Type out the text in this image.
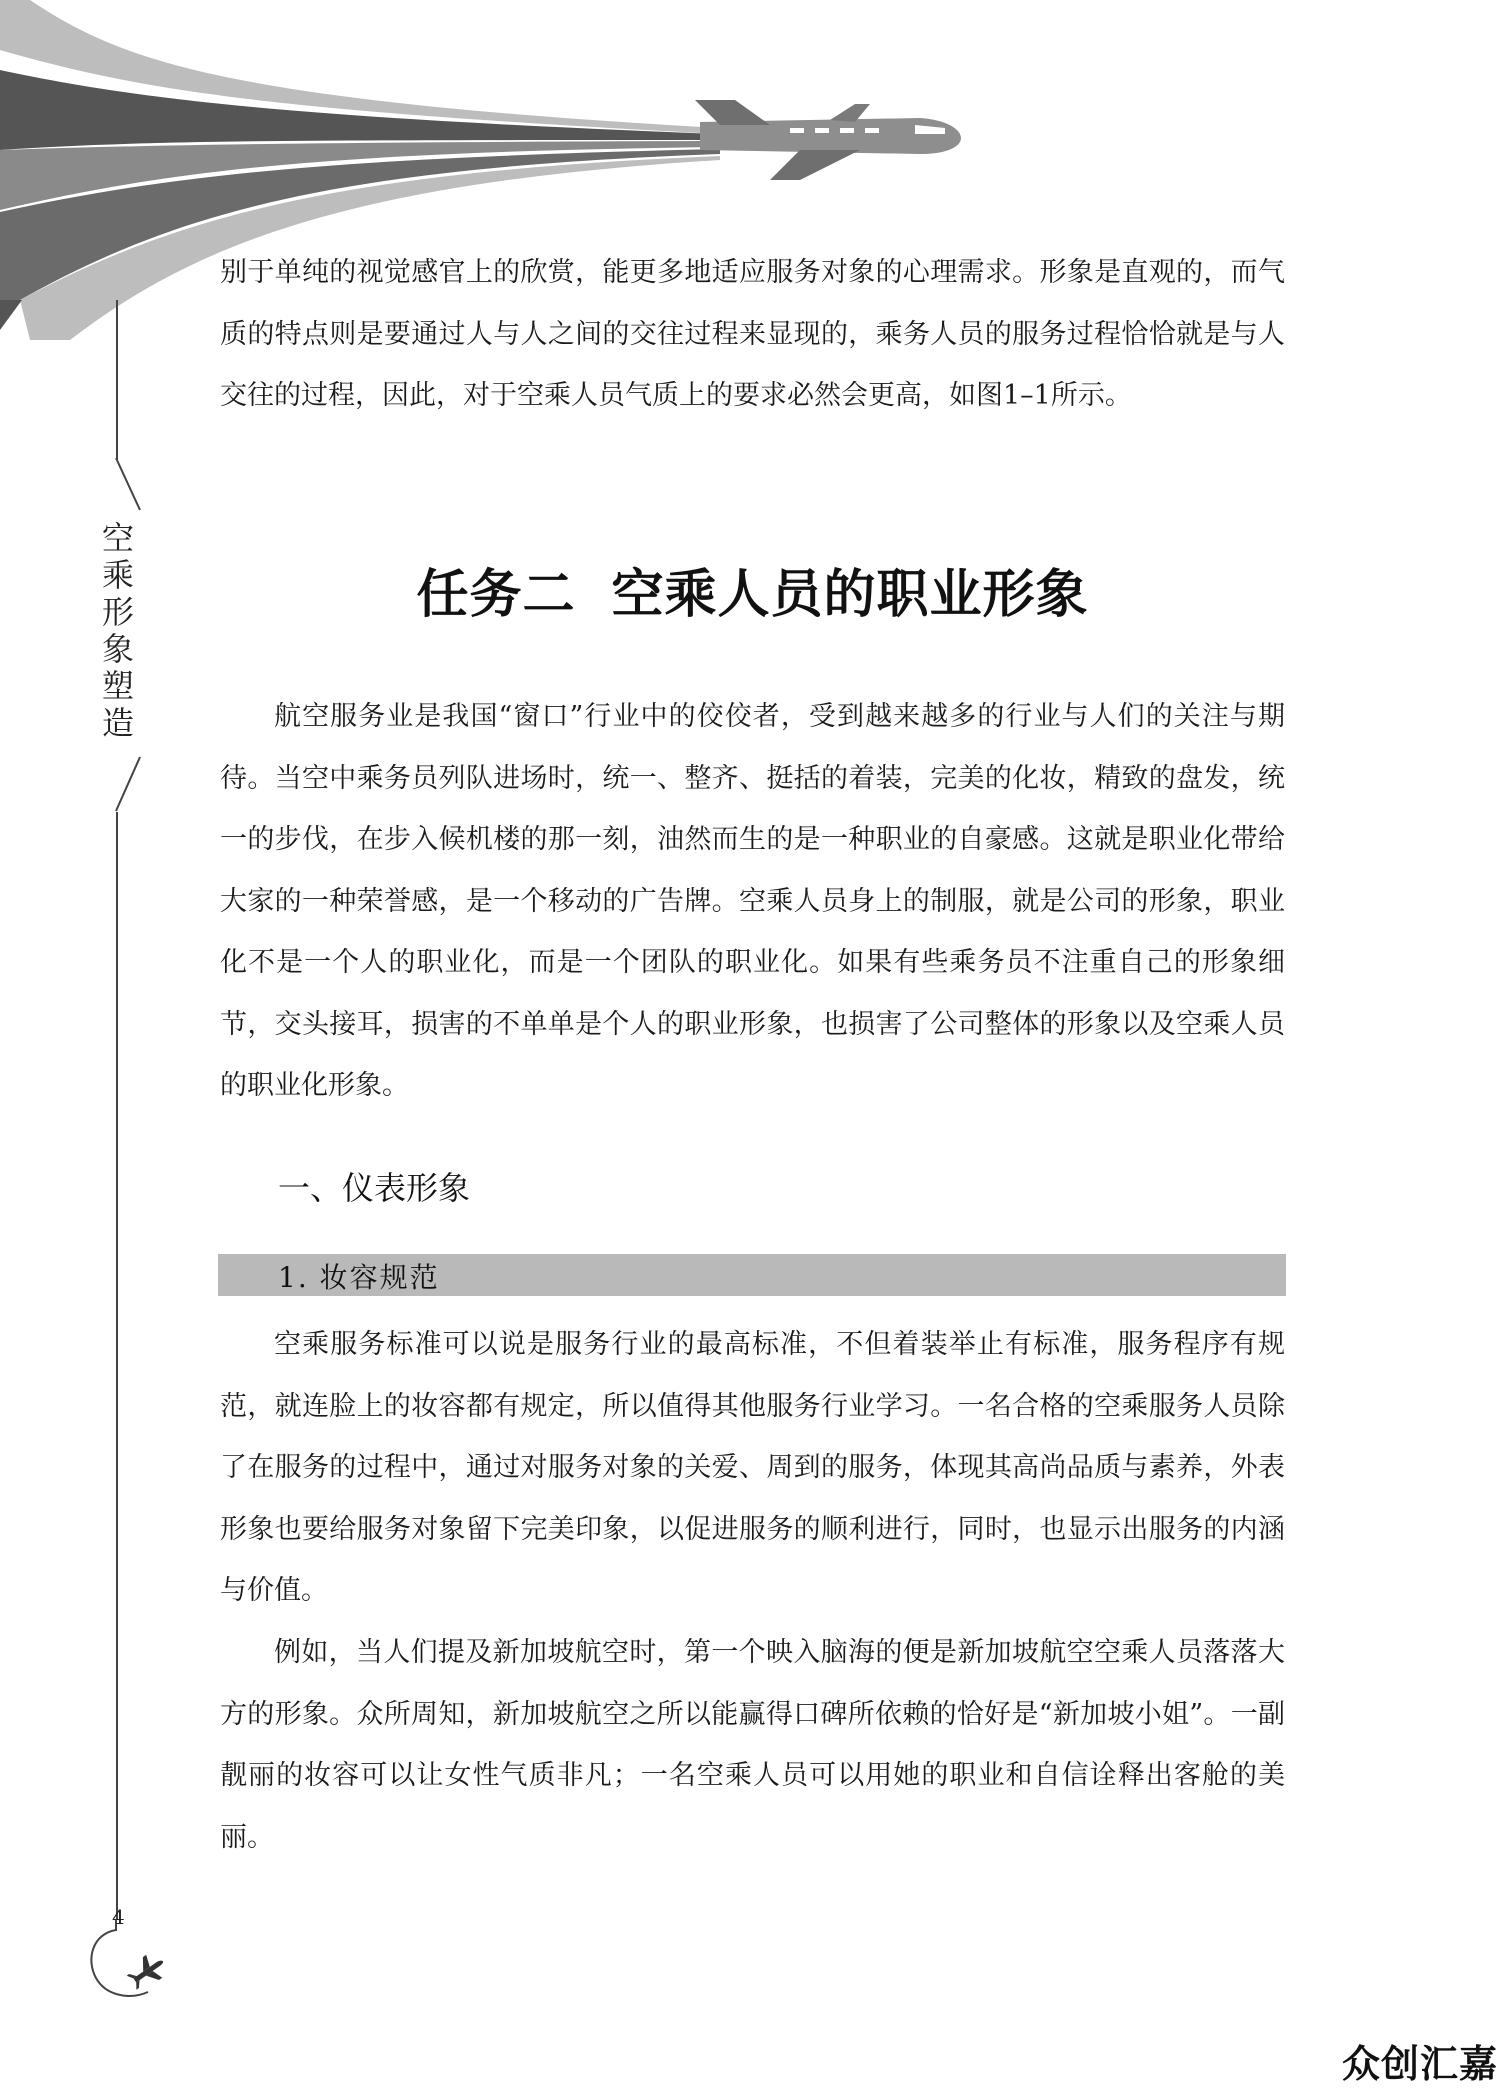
空
乘
形
象
塑
造

别于单纯的视觉感官上的欣赏，能更多地适应服务对象的心理需求。形象是直观的，而气质的特点则是要通过人与人之间的交往过程来显现的，乘务人员的服务过程恰恰就是与人交往的过程，因此，对于空乘人员气质上的要求必然会更高，如图1–1所示。

任务二 空乘人员的职业形象

航空服务业是我国“窗口”行业中的佼佼者，受到越来越多的行业与人们的关注与期待。当空中乘务员列队进场时，统一、整齐、挺括的着装，完美的化妆，精致的盘发，统一的步伐，在步入候机楼的那一刻，油然而生的是一种职业的自豪感。这就是职业化带给大家的一种荣誉感，是一个移动的广告牌。空乘人员身上的制服，就是公司的形象，职业化不是一个人的职业化，而是一个团队的职业化。如果有些乘务员不注重自己的形象细节，交头接耳，损害的不单单是个人的职业形象，也损害了公司整体的形象以及空乘人员的职业化形象。

一、仪表形象
1. 妆容规范

空乘服务标准可以说是服务行业的最高标准，不但着装举止有标准，服务程序有规范，就连脸上的妆容都有规定，所以值得其他服务行业学习。一名合格的空乘服务人员除了在服务的过程中，通过对服务对象的关爱、周到的服务，体现其高尚品质与素养，外表形象也要给服务对象留下完美印象，以促进服务的顺利进行，同时，也显示出服务的内涵与价值。

例如，当人们提及新加坡航空时，第一个映入脑海的便是新加坡航空空乘人员落落大方的形象。众所周知，新加坡航空之所以能赢得口碑所依赖的恰好是“新加坡小姐”。一副靓丽的妆容可以让女性气质非凡；一名空乘人员可以用她的职业和自信诠释出客舱的美丽。

4
众创汇嘉
